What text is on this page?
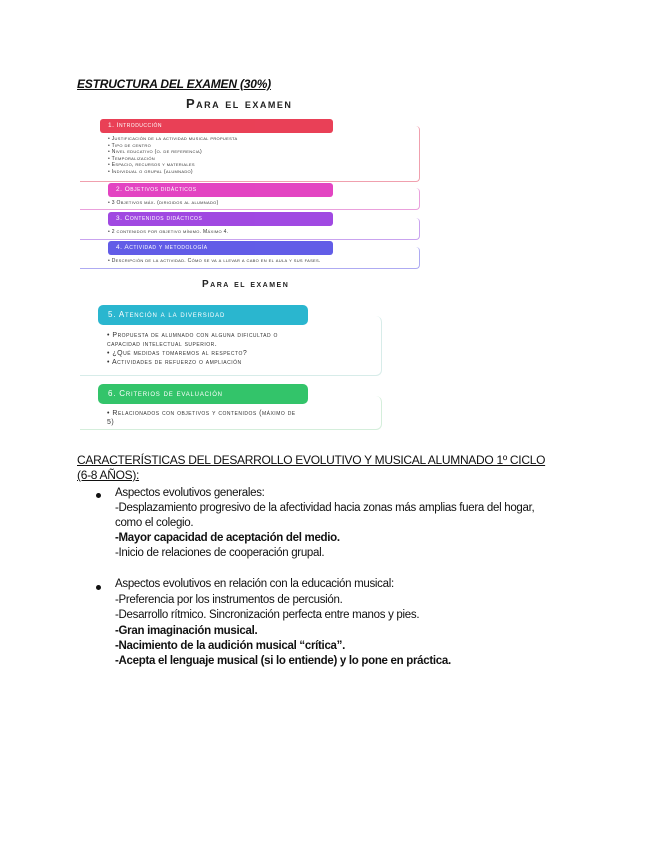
ESTRUCTURA DEL EXAMEN (30%)
Para el examen
1. Introducción
• Justificación de la actividad musical propuesta
• Tipo de centro
• Nivel educativo (o. de referencia)
• Temporalización
• Espacio, recursos y materiales
• Individual o grupal (alumnado)
2. Objetivos didácticos
• 3 Objetivos máx. (dirigidos al alumnado)
3. Contenidos didácticos
• 2 contenidos por objetivo mínimo. Máximo 4.
4. Actividad y metodología
• Descripción de la actividad. Cómo se va a llevar a cabo en el aula y sus fases.
Para el examen
5. Atención a la diversidad
• Propuesta de alumnado con alguna dificultad o
capacidad intelectual superior.
• ¿Qué medidas tomaremos al respecto?
• Actividades de refuerzo o ampliación
6. Criterios de evaluación
• Relacionados con objetivos y contenidos (máximo de
5)
CARACTERÍSTICAS DEL DESARROLLO EVOLUTIVO Y MUSICAL ALUMNADO 1º CICLO
(6-8 AÑOS):
Aspectos evolutivos generales:
-Desplazamiento progresivo de la afectividad hacia zonas más amplias fuera del hogar,
como el colegio.
-Mayor capacidad de aceptación del medio.
-Inicio de relaciones de cooperación grupal.
Aspectos evolutivos en relación con la educación musical:
-Preferencia por los instrumentos de percusión.
-Desarrollo rítmico. Sincronización perfecta entre manos y pies.
-Gran imaginación musical.
-Nacimiento de la audición musical “crítica”.
-Acepta el lenguaje musical (si lo entiende) y lo pone en práctica.
